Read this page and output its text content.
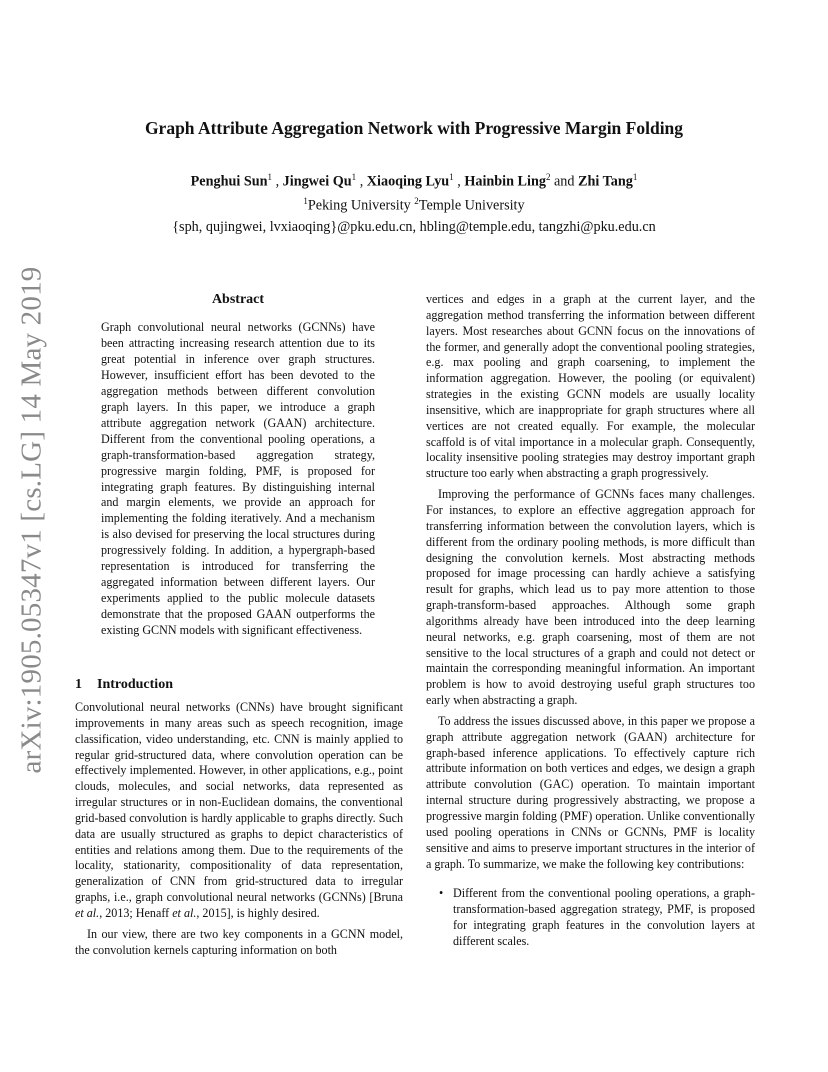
arXiv:1905.05347v1 [cs.LG] 14 May 2019
Graph Attribute Aggregation Network with Progressive Margin Folding
Penghui Sun$^1$ , Jingwei Qu$^1$ , Xiaoqing Lyu$^1$ , Hainbin Ling$^2$ and Zhi Tang$^1$
$^1$Peking University $^2$Temple University
{sph, qujingwei, lvxiaoqing}@pku.edu.cn, hbling@temple.edu, tangzhi@pku.edu.cn
Abstract
Graph convolutional neural networks (GCNNs) have been attracting increasing research attention due to its great potential in inference over graph structures. However, insufficient effort has been devoted to the aggregation methods between different convolution graph layers. In this paper, we introduce a graph attribute aggregation network (GAAN) architecture. Different from the conventional pooling operations, a graph-transformation-based aggregation strategy, progressive margin folding, PMF, is proposed for integrating graph features. By distinguishing internal and margin elements, we provide an approach for implementing the folding iteratively. And a mechanism is also devised for preserving the local structures during progressively folding. In addition, a hypergraph-based representation is introduced for transferring the aggregated information between different layers. Our experiments applied to the public molecule datasets demonstrate that the proposed GAAN outperforms the existing GCNN models with significant effectiveness.
1 Introduction

Convolutional neural networks (CNNs) have brought significant improvements in many areas such as speech recognition, image classification, video understanding, etc. CNN is mainly applied to regular grid-structured data, where convolution operation can be effectively implemented. However, in other applications, e.g., point clouds, molecules, and social networks, data represented as irregular structures or in non-Euclidean domains, the conventional grid-based convolution is hardly applicable to graphs directly. Such data are usually structured as graphs to depict characteristics of entities and relations among them. Due to the requirements of the locality, stationarity, compositionality of data representation, generalization of CNN from grid-structured data to irregular graphs, i.e., graph convolutional neural networks (GCNNs) [Bruna et al., 2013; Henaff et al., 2015], is highly desired.

In our view, there are two key components in a GCNN model, the convolution kernels capturing information on both

vertices and edges in a graph at the current layer, and the aggregation method transferring the information between different layers. Most researches about GCNN focus on the innovations of the former, and generally adopt the conventional pooling strategies, e.g. max pooling and graph coarsening, to implement the information aggregation. However, the pooling (or equivalent) strategies in the existing GCNN models are usually locality insensitive, which are inappropriate for graph structures where all vertices are not created equally. For example, the molecular scaffold is of vital importance in a molecular graph. Consequently, locality insensitive pooling strategies may destroy important graph structure too early when abstracting a graph progressively.

Improving the performance of GCNNs faces many challenges. For instances, to explore an effective aggregation approach for transferring information between the convolution layers, which is different from the ordinary pooling methods, is more difficult than designing the convolution kernels. Most abstracting methods proposed for image processing can hardly achieve a satisfying result for graphs, which lead us to pay more attention to those graph-transform-based approaches. Although some graph algorithms already have been introduced into the deep learning neural networks, e.g. graph coarsening, most of them are not sensitive to the local structures of a graph and could not detect or maintain the corresponding meaningful information. An important problem is how to avoid destroying useful graph structures too early when abstracting a graph.

To address the issues discussed above, in this paper we propose a graph attribute aggregation network (GAAN) architecture for graph-based inference applications. To effectively capture rich attribute information on both vertices and edges, we design a graph attribute convolution (GAC) operation. To maintain important internal structure during progressively abstracting, we propose a progressive margin folding (PMF) operation. Unlike conventionally used pooling operations in CNNs or GCNNs, PMF is locality sensitive and aims to preserve important structures in the interior of a graph. To summarize, we make the following key contributions:

• Different from the conventional pooling operations, a graph-transformation-based aggregation strategy, PMF, is proposed for integrating graph features in the convolution layers at different scales.
